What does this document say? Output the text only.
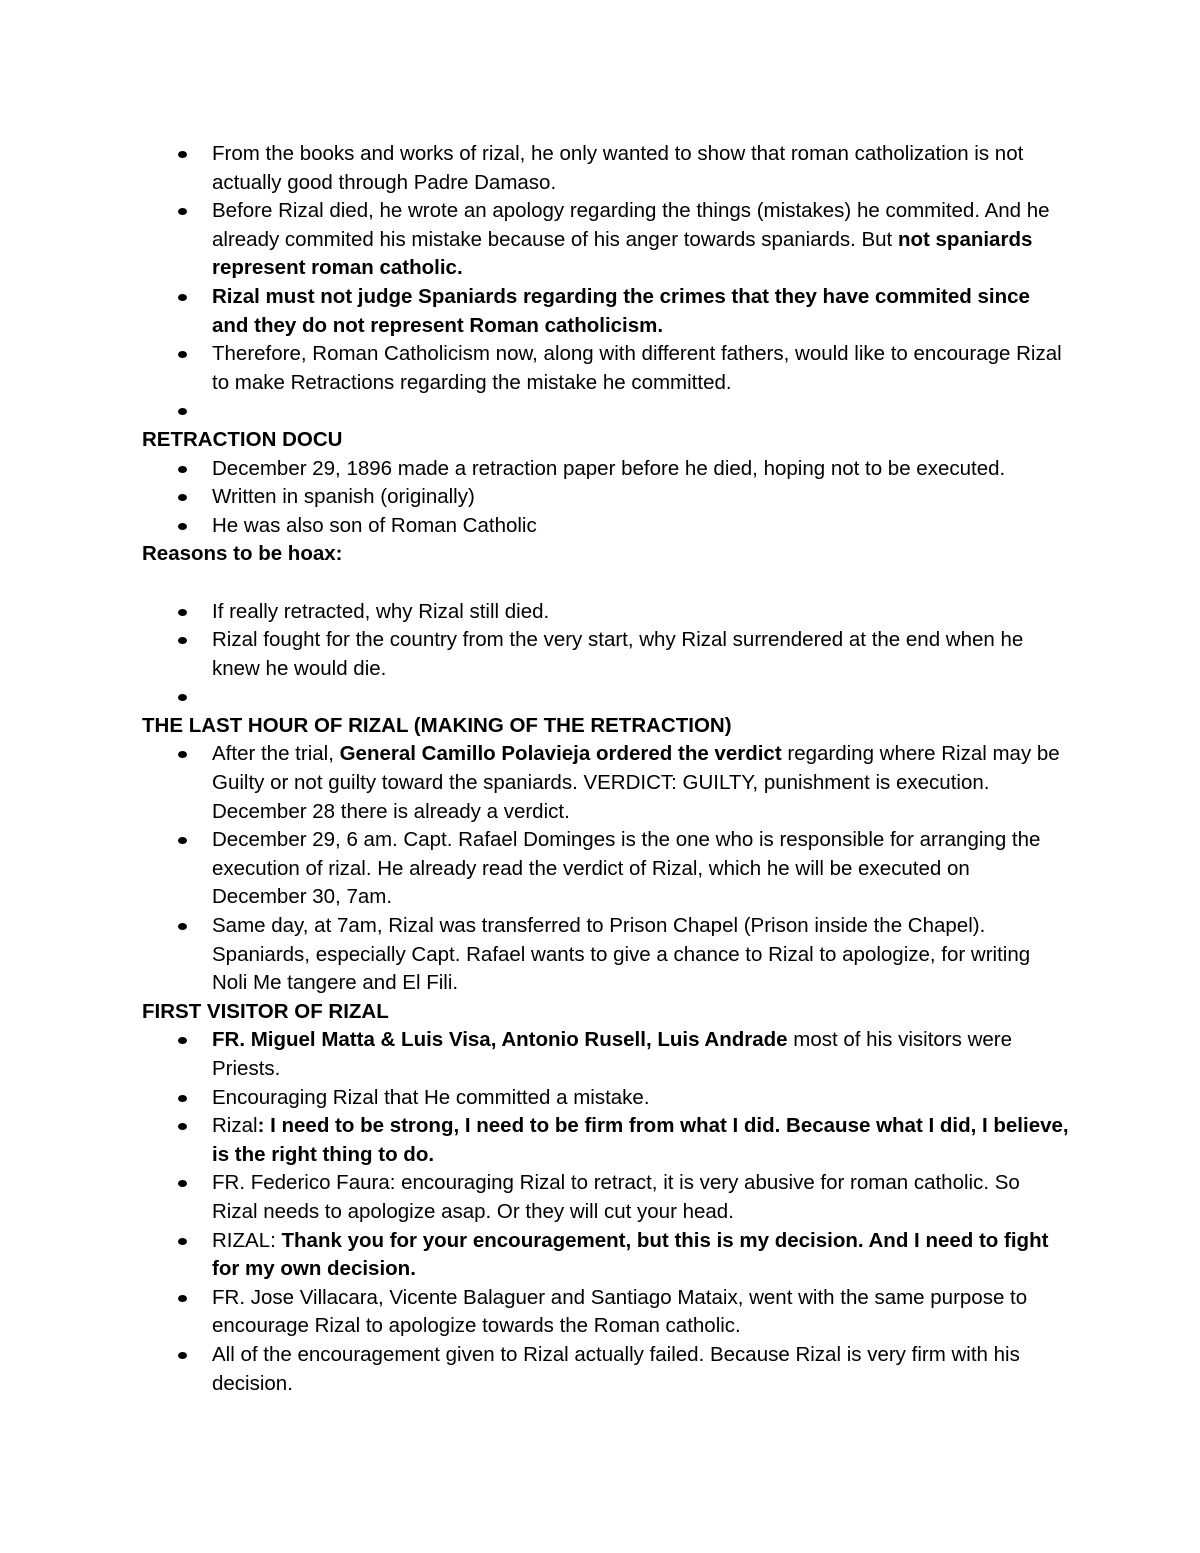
From the books and works of rizal, he only wanted to show that roman catholization is not actually good through Padre Damaso.
Before Rizal died, he wrote an apology regarding the things (mistakes) he commited. And he already commited his mistake because of his anger towards spaniards. But not spaniards represent roman catholic.
Rizal must not judge Spaniards regarding the crimes that they have commited since and they do not represent Roman catholicism.
Therefore, Roman Catholicism now, along with different fathers, would like to encourage Rizal to make Retractions regarding the mistake he committed.

RETRACTION DOCU
December 29, 1896 made a retraction paper before he died, hoping not to be executed.
Written in spanish (originally)
He was also son of Roman Catholic
Reasons to be hoax:
If really retracted, why Rizal still died.
Rizal fought for the country from the very start, why Rizal surrendered at the end when he knew he would die.

THE LAST HOUR OF RIZAL (MAKING OF THE RETRACTION)
After the trial, General Camillo Polavieja ordered the verdict regarding where Rizal may be Guilty or not guilty toward the spaniards. VERDICT: GUILTY, punishment is execution. December 28 there is already a verdict.
December 29, 6 am. Capt. Rafael Dominges is the one who is responsible for arranging the execution of rizal. He already read the verdict of Rizal, which he will be executed on December 30, 7am.
Same day, at 7am, Rizal was transferred to Prison Chapel (Prison inside the Chapel). Spaniards, especially Capt. Rafael wants to give a chance to Rizal to apologize, for writing Noli Me tangere and El Fili.
FIRST VISITOR OF RIZAL
FR. Miguel Matta & Luis Visa, Antonio Rusell, Luis Andrade most of his visitors were Priests.
Encouraging Rizal that He committed a mistake.
Rizal: I need to be strong, I need to be firm from what I did. Because what I did, I believe, is the right thing to do.
FR. Federico Faura: encouraging Rizal to retract, it is very abusive for roman catholic. So Rizal needs to apologize asap. Or they will cut your head.
RIZAL: Thank you for your encouragement, but this is my decision. And I need to fight for my own decision.
FR. Jose Villacara, Vicente Balaguer and Santiago Mataix, went with the same purpose to encourage Rizal to apologize towards the Roman catholic.
All of the encouragement given to Rizal actually failed. Because Rizal is very firm with his decision.
